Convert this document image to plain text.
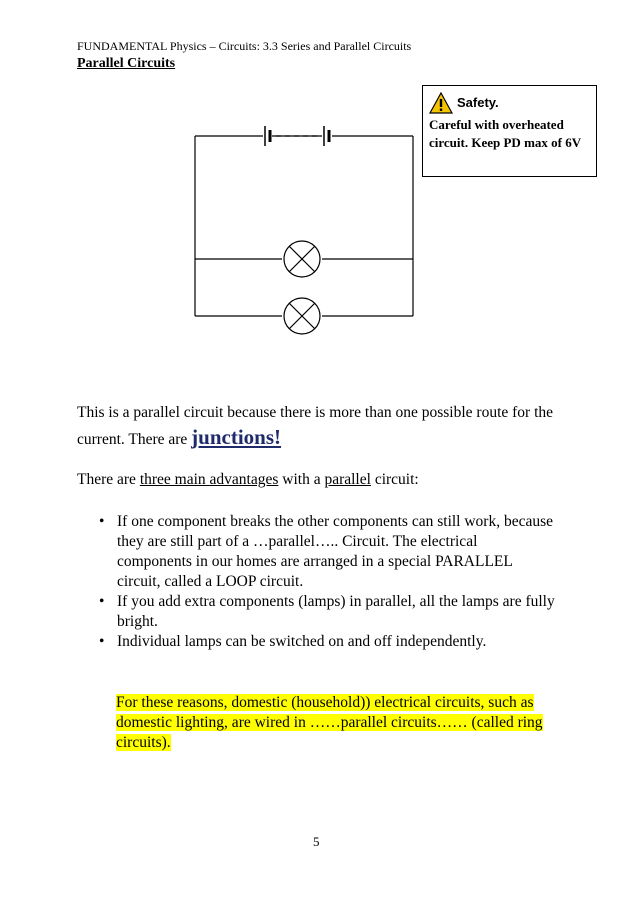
FUNDAMENTAL Physics – Circuits: 3.3 Series and Parallel Circuits
Parallel Circuits
Safety.
Careful with overheated circuit. Keep PD max of 6V
This is a parallel circuit because there is more than one possible route for the current. There are junctions!
There are three main advantages with a parallel circuit:
• If one component breaks the other components can still work, because they are still part of a …parallel….. Circuit. The electrical components in our homes are arranged in a special PARALLEL circuit, called a LOOP circuit.
• If you add extra components (lamps) in parallel, all the lamps are fully bright.
• Individual lamps can be switched on and off independently.
For these reasons, domestic (household)) electrical circuits, such as domestic lighting, are wired in ……parallel circuits…… (called ring circuits).
5
